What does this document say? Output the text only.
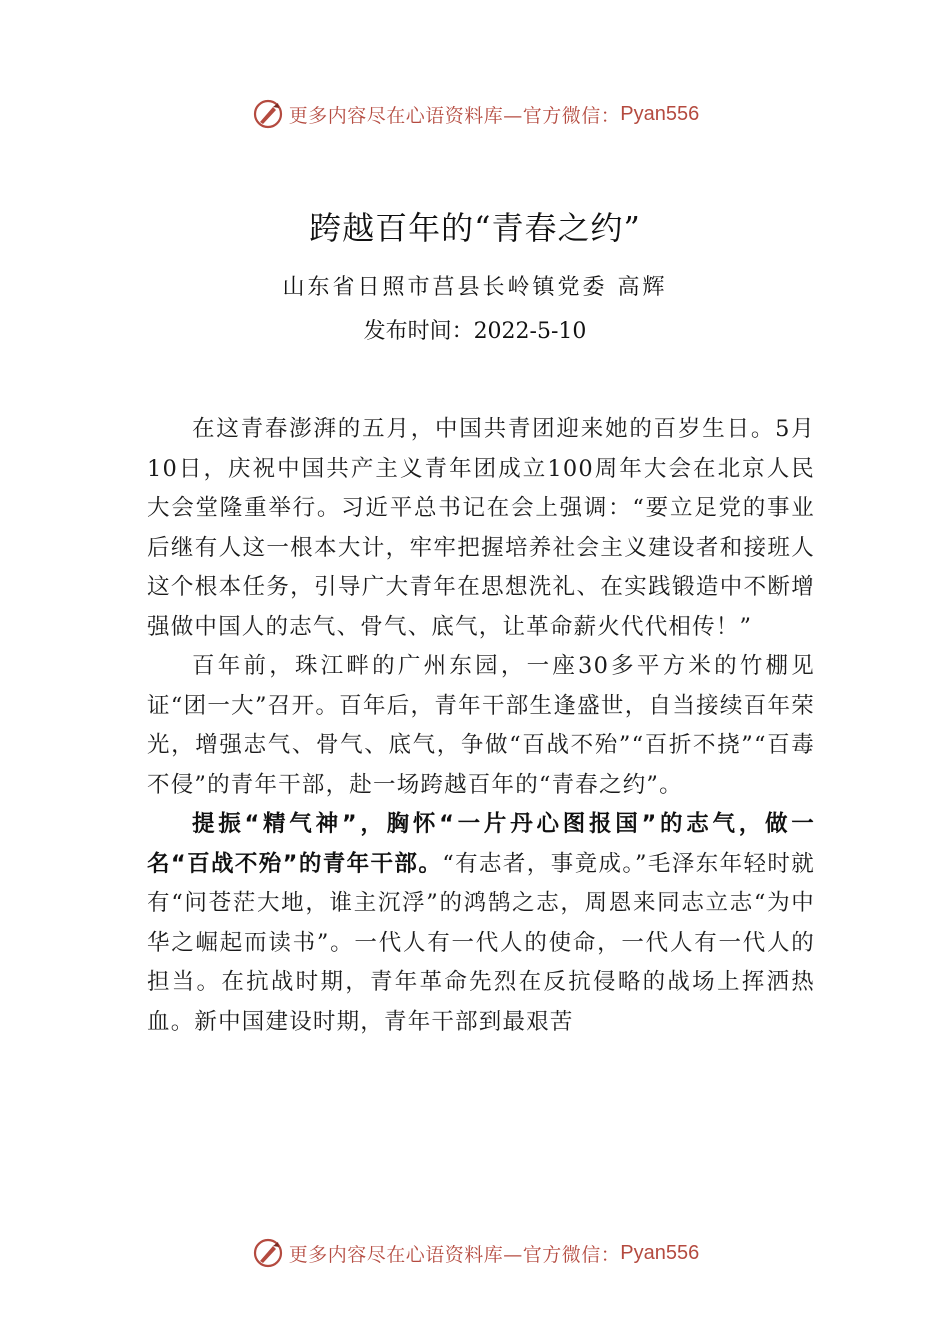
更多内容尽在心语资料库—官方微信： Pyan556
跨越百年的“青春之约”
山东省日照市莒县长岭镇党委 高辉
发布时间：2022-5-10

在这青春澎湃的五月，中国共青团迎来她的百岁生日。5月10日，庆祝中国共产主义青年团成立100周年大会在北京人民大会堂隆重举行。习近平总书记在会上强调：“要立足党的事业后继有人这一根本大计，牢牢把握培养社会主义建设者和接班人这个根本任务，引导广大青年在思想洗礼、在实践锻造中不断增强做中国人的志气、骨气、底气，让革命薪火代代相传！”

百年前，珠江畔的广州东园，一座30多平方米的竹棚见证“团一大”召开。百年后，青年干部生逢盛世，自当接续百年荣光，增强志气、骨气、底气，争做“百战不殆”“百折不挠”“百毒不侵”的青年干部，赴一场跨越百年的“青春之约”。

提振“精气神”，胸怀“一片丹心图报国”的志气，做一名“百战不殆”的青年干部。“有志者，事竟成。”毛泽东年轻时就有“问苍茫大地，谁主沉浮”的鸿鹄之志，周恩来同志立志“为中华之崛起而读书”。一代人有一代人的使命，一代人有一代人的担当。在抗战时期，青年革命先烈在反抗侵略的战场上挥洒热血。新中国建设时期，青年干部到最艰苦

更多内容尽在心语资料库—官方微信： Pyan556
